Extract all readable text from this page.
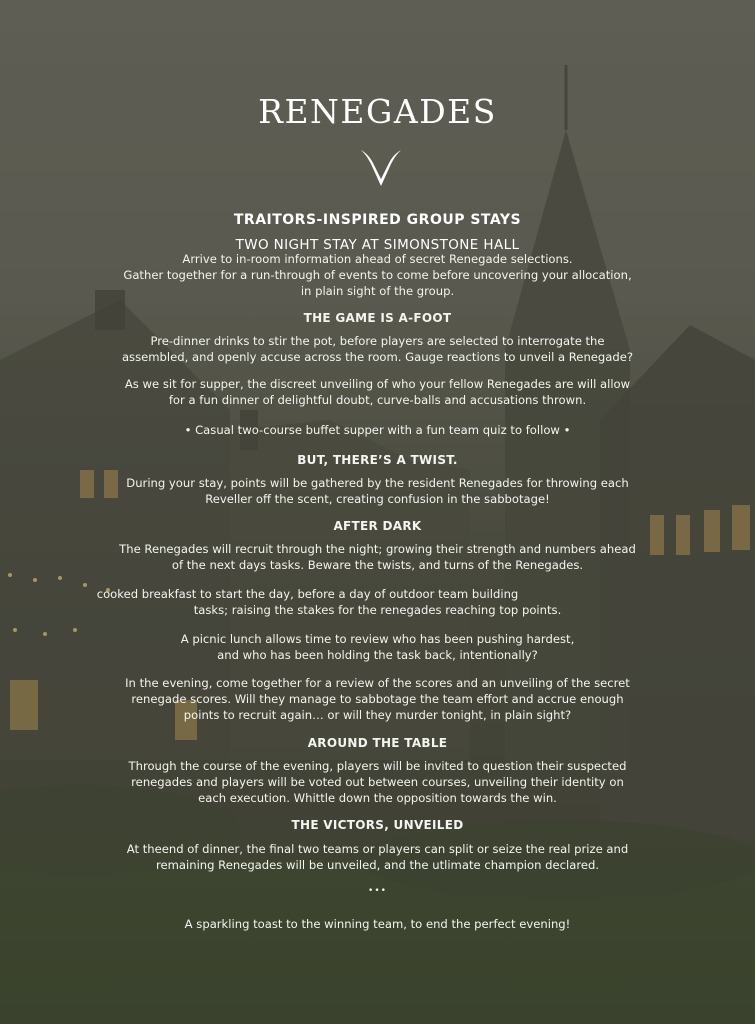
RENEGADES
TRAITORS-INSPIRED GROUP STAYS
TWO NIGHT STAY AT SIMONSTONE HALL
Arrive to in-room information ahead of secret Renegade selections.
Gather together for a run-through of events to come before uncovering your allocation,
in plain sight of the group.
THE GAME IS A-FOOT
Pre-dinner drinks to stir the pot, before players are selected to interrogate the
assembled, and openly accuse across the room. Gauge reactions to unveil a Renegade?
As we sit for supper, the discreet unveiling of who your fellow Renegades are will allow
for a fun dinner of delightful doubt, curve-balls and accusations thrown.
• Casual two-course buffet supper with a fun team quiz to follow •
BUT, THERE’S A TWIST.
During your stay, points will be gathered by the resident Renegades for throwing each
Reveller off the scent, creating confusion in the sabbotage!
AFTER DARK
The Renegades will recruit through the night; growing their strength and numbers ahead
of the next days tasks. Beware the twists, and turns of the Renegades.
cooked breakfast to start the day, before a day of outdoor team building
tasks; raising the stakes for the renegades reaching top points.
A picnic lunch allows time to review who has been pushing hardest,
and who has been holding the task back, intentionally?
In the evening, come together for a review of the scores and an unveiling of the secret
renegade scores. Will they manage to sabbotage the team effort and accrue enough
points to recruit again… or will they murder tonight, in plain sight?
AROUND THE TABLE
Through the course of the evening, players will be invited to question their suspected
renegades and players will be voted out between courses, unveiling their identity on
each execution. Whittle down the opposition towards the win.
THE VICTORS, UNVEILED
At theend of dinner, the final two teams or players can split or seize the real prize and
remaining Renegades will be unveiled, and the utlimate champion declared.
•••
A sparkling toast to the winning team, to end the perfect evening!
